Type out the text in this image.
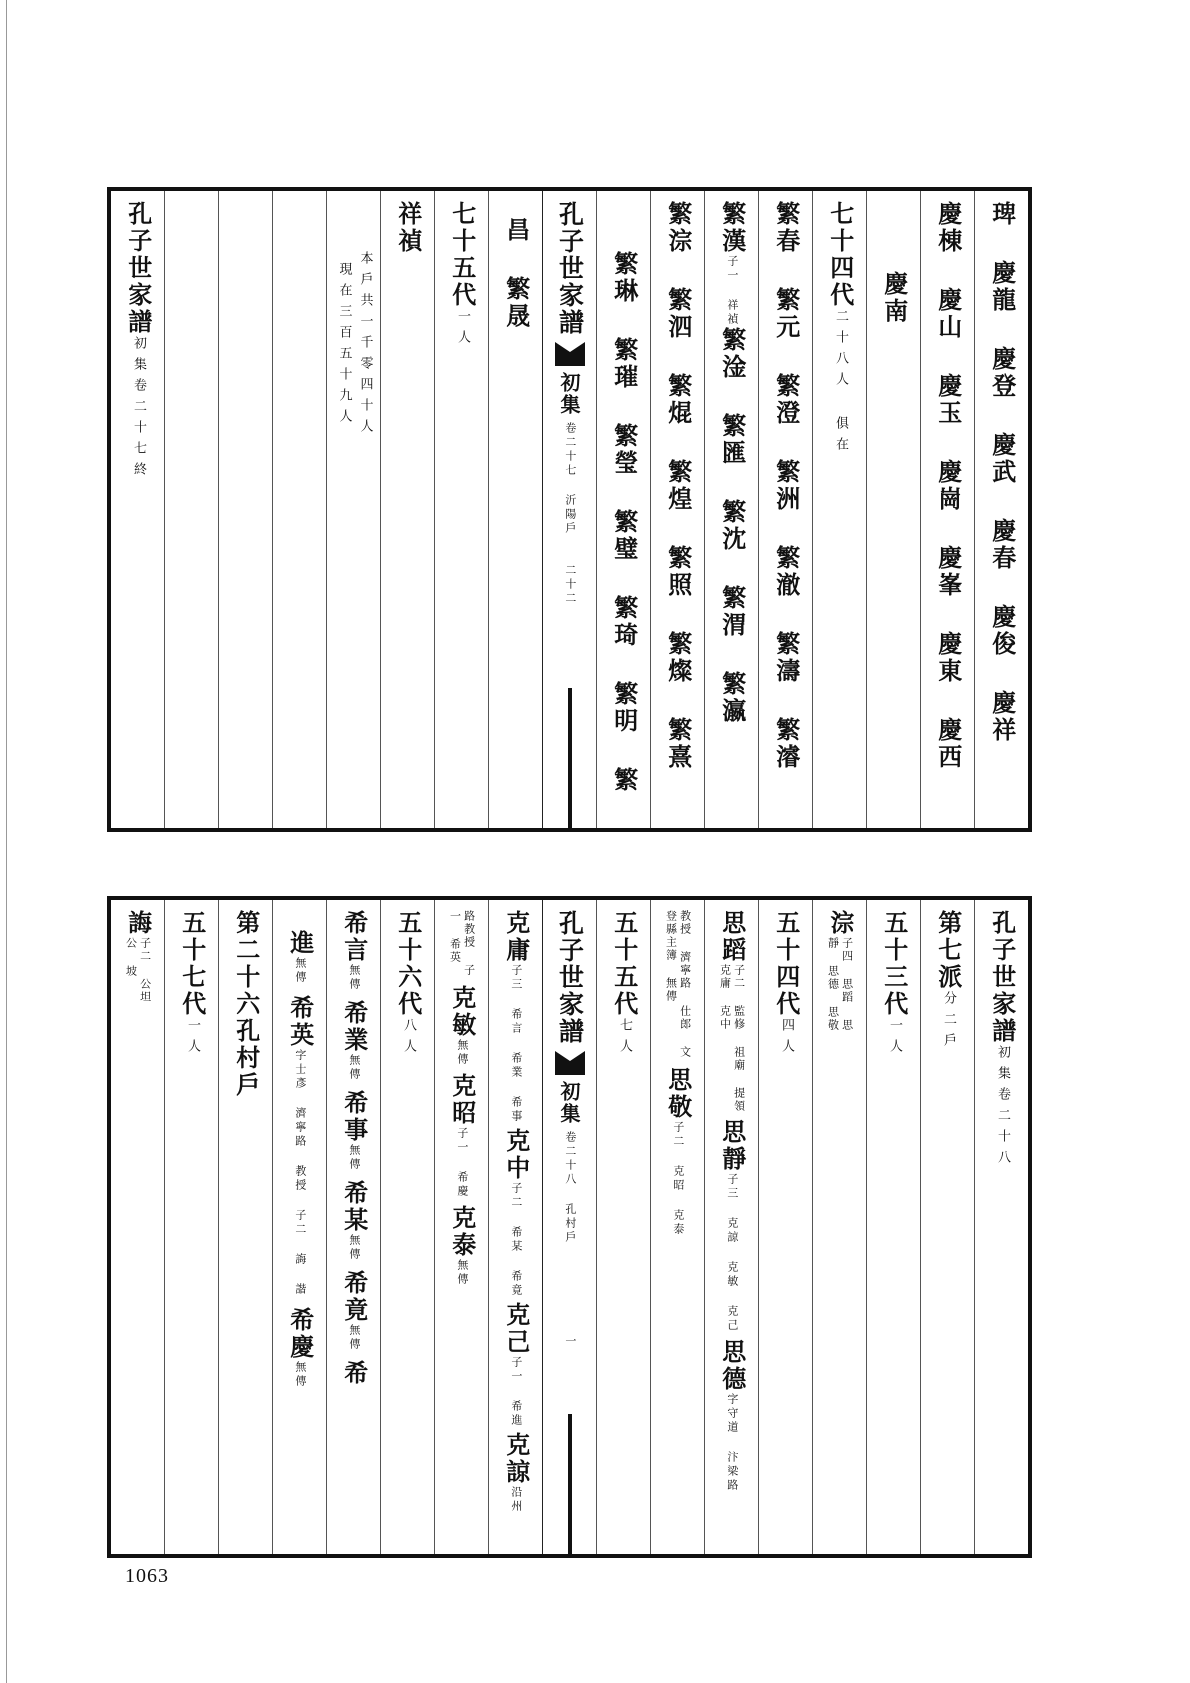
琕 慶龍 慶登 慶武 慶春 慶俊 慶祥
慶棟 慶山 慶玉 慶崗 慶峯 慶東 慶西
慶南
七十四代
二十八人 俱在
繁春 繁元 繁澄 繁洲 繁澈 繁濤 繁濬
繁漢
子一 祥禎
繁淦 繁匯 繁沈 繁渭 繁瀛
繁淙 繁泗 繁焜 繁煌 繁照 繁燦 繁熹
繁琳 繁璀 繁瑩 繁璧 繁琦 繁明 繁
孔子世家譜
初集
卷二十七 沂陽戶
二十二
昌 繁晟
七十五代
一人
祥禎
本戶共一千零四十人
現在三百五十九人
孔子世家譜
初集卷二十七終
孔子世家譜
初集卷二十八
第七派
分二戶
五十三代
一人
淙
子四 思蹈 思
靜 思德 思敬
五十四代
四人
思蹈
子二 監修 祖廟 提領
克庸 克中
思靜
子三 克諒 克敏 克己
思德
字守道 汴梁路
教授 濟寧路 仕郎 文
登縣主簿 無傳
思敬
子二 克昭 克泰
五十五代
七人
孔子世家譜
初集
卷二十八 孔村戶
一
克庸
子三 希言 希業 希事
克中
子二 希某 希竟
克己
子一 希進
克諒
沿州
路教授 子
一 希英
克敏
無傳
克昭
子一 希慶
克泰
無傳
五十六代
八人
希言
無傳
希業
無傳
希事
無傳
希某
無傳
希竟
無傳
希
進
無傳
希英
字士彥 濟寧路 教授 子二 誨 諧
希慶
無傳
第二十六孔村戶
五十七代
一人
誨
子二 公坦
公 坡
1063
